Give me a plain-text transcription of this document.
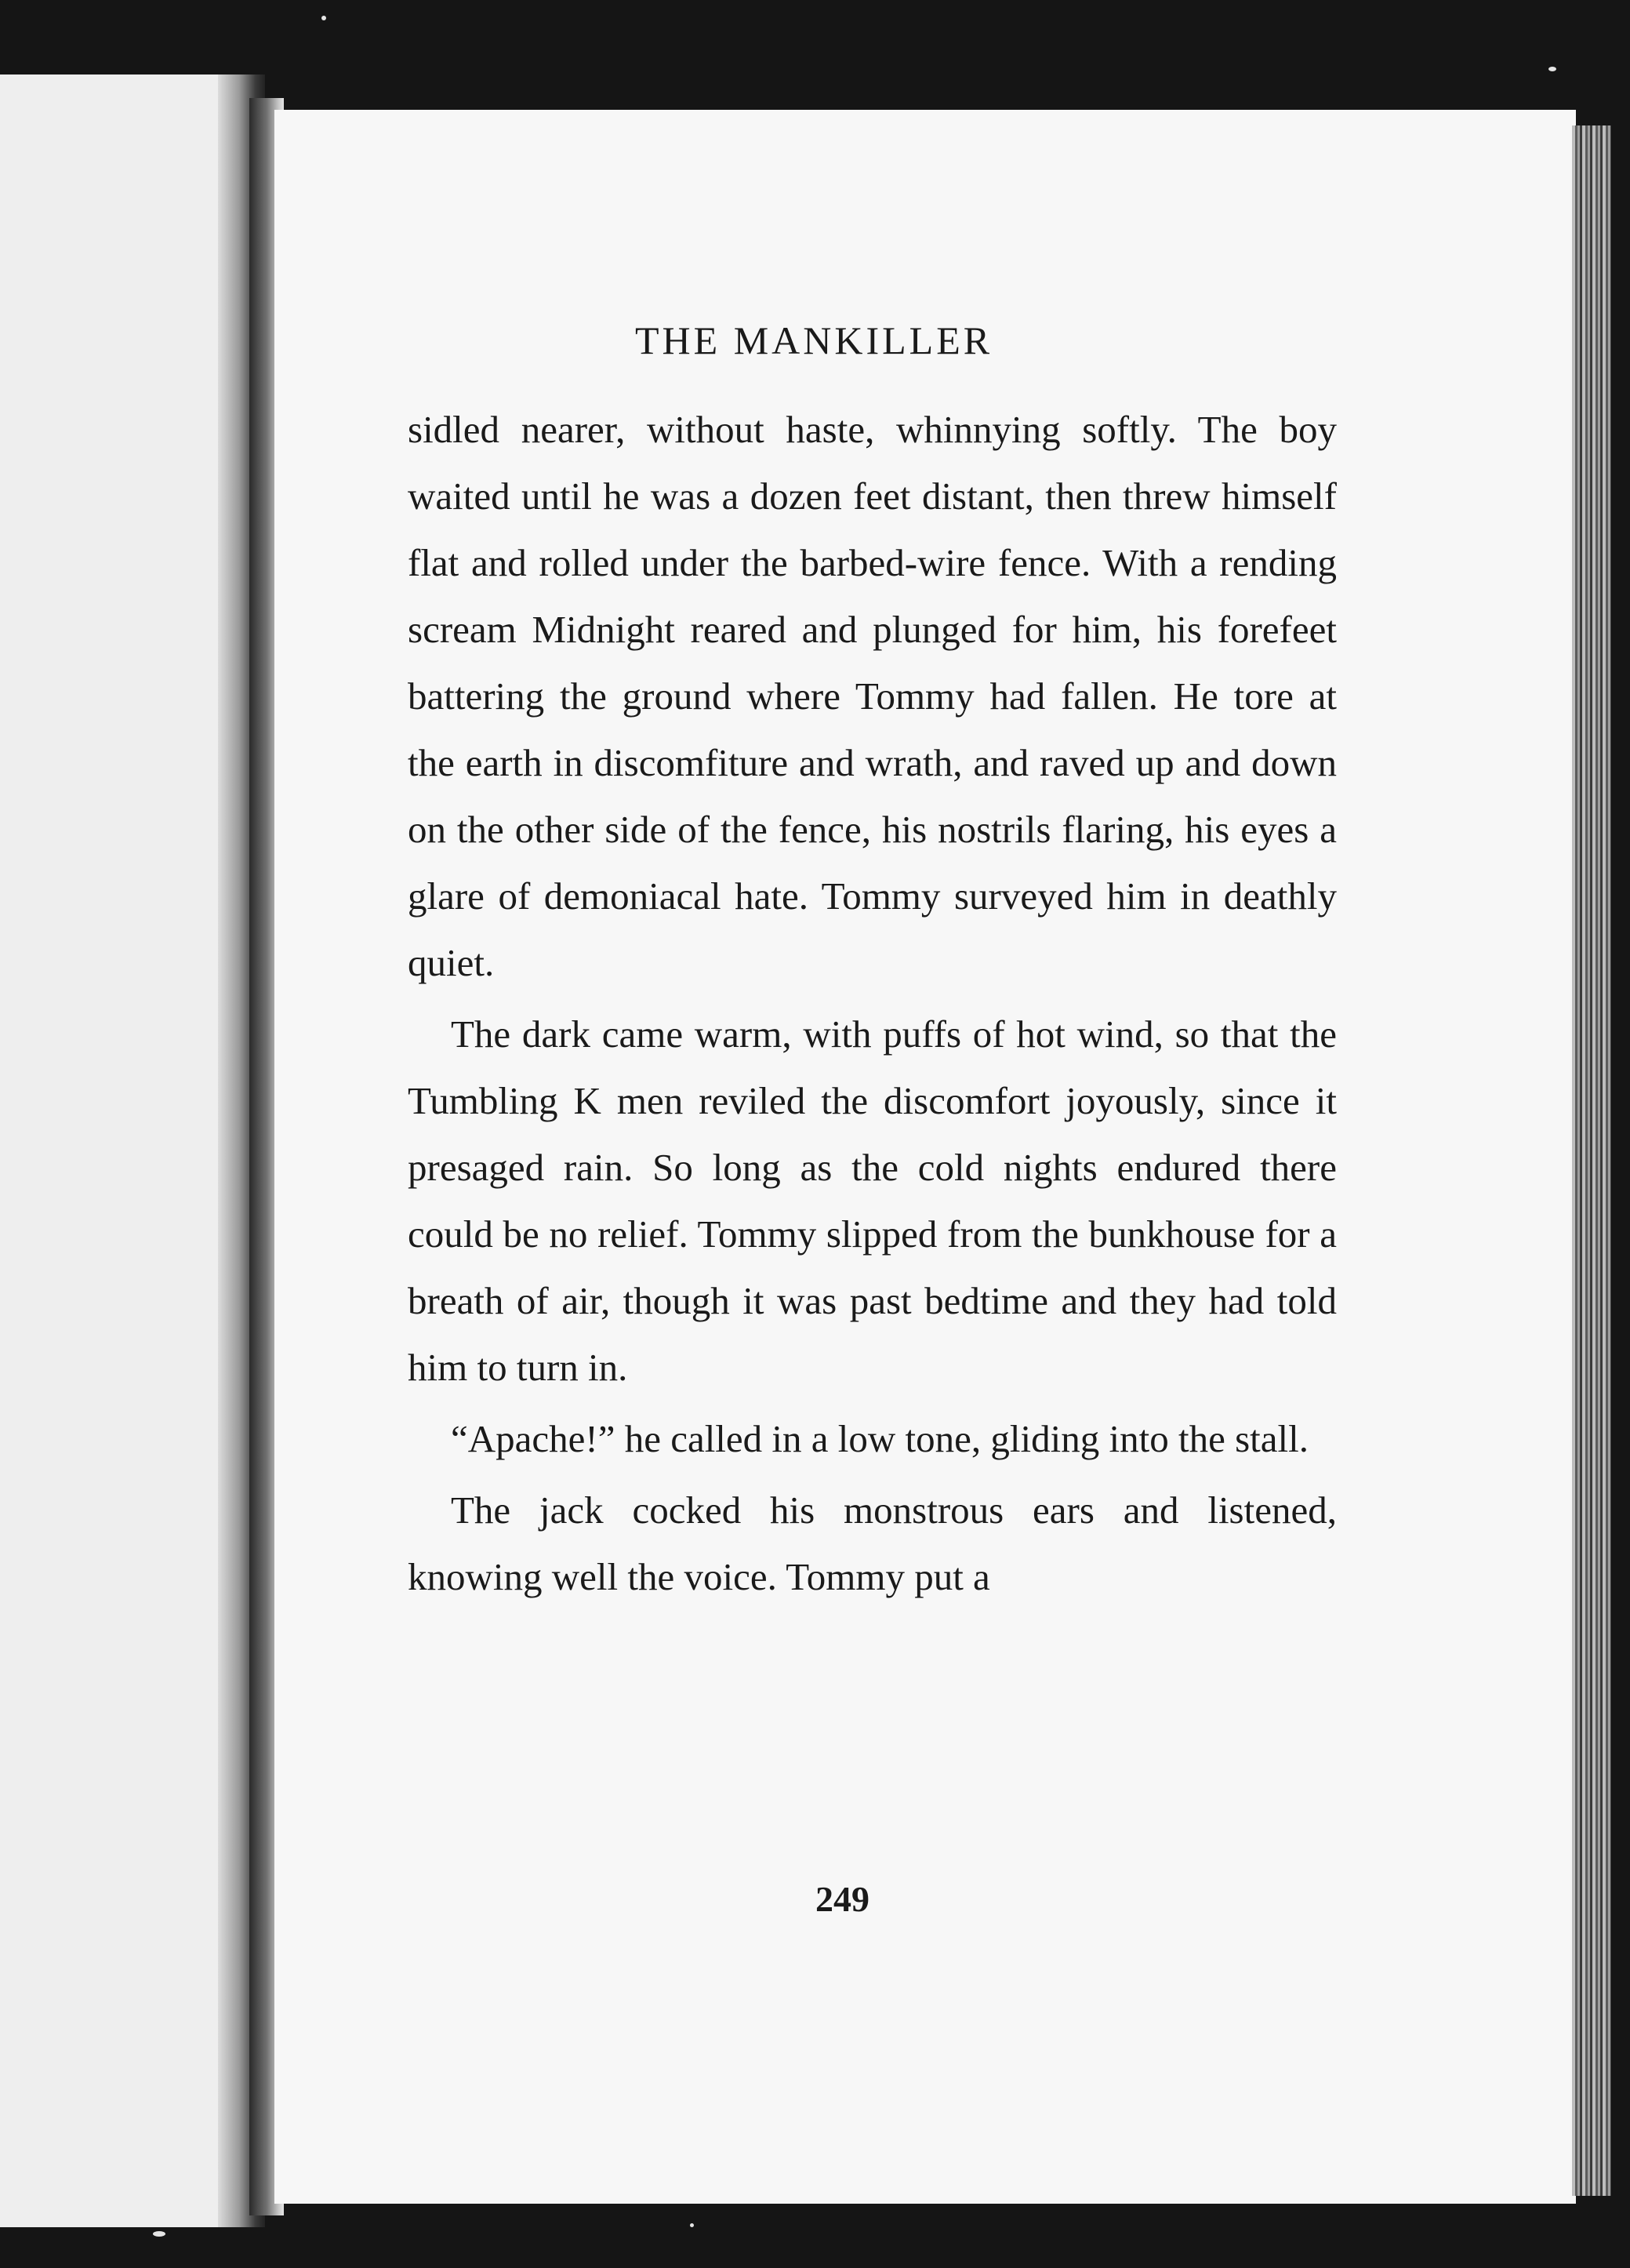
THE MANKILLER

sidled nearer, without haste, whinnying softly. The boy waited until he was a dozen feet distant, then threw himself flat and rolled under the barbed-wire fence. With a rending scream Midnight reared and plunged for him, his forefeet battering the ground where Tommy had fallen. He tore at the earth in discomfiture and wrath, and raved up and down on the other side of the fence, his nostrils flaring, his eyes a glare of demoniacal hate. Tommy surveyed him in deathly quiet.

The dark came warm, with puffs of hot wind, so that the Tumbling K men reviled the discomfort joyously, since it presaged rain. So long as the cold nights endured there could be no relief. Tommy slipped from the bunkhouse for a breath of air, though it was past bedtime and they had told him to turn in.

“Apache!” he called in a low tone, gliding into the stall.

The jack cocked his monstrous ears and listened, knowing well the voice. Tommy put a

249
